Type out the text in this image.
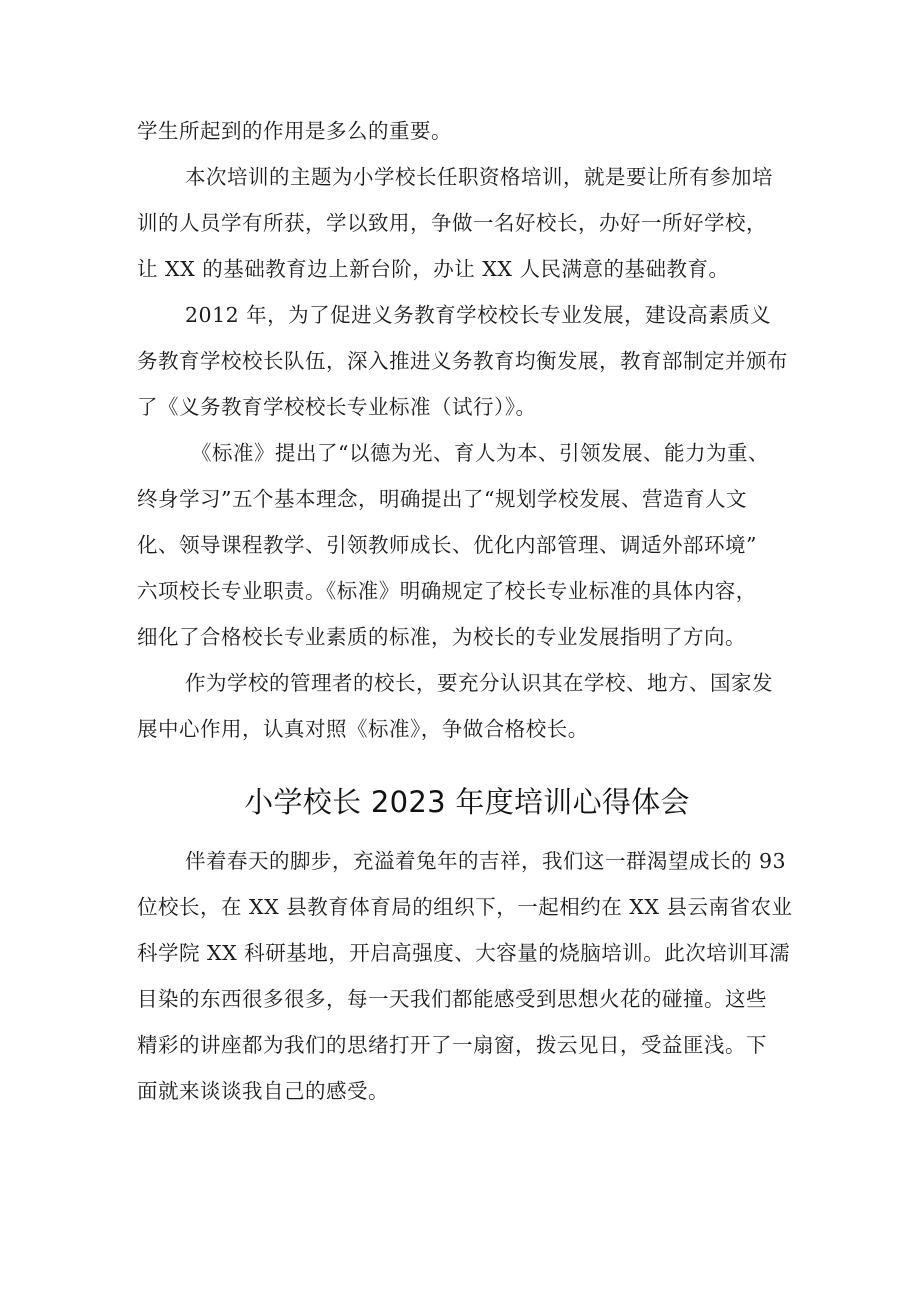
学生所起到的作用是多么的重要。
本次培训的主题为小学校长任职资格培训，就是要让所有参加培
训的人员学有所获，学以致用，争做一名好校长，办好一所好学校，
让 XX 的基础教育边上新台阶，办让 XX 人民满意的基础教育。
2012 年，为了促进义务教育学校校长专业发展，建设高素质义
务教育学校校长队伍，深入推进义务教育均衡发展，教育部制定并颁布
了《义务教育学校校长专业标准（试行）》。
《标准》提出了“以德为光、育人为本、引领发展、能力为重、
终身学习”五个基本理念，明确提出了“规划学校发展、营造育人文
化、领导课程教学、引领教师成长、优化内部管理、调适外部环境”
六项校长专业职责。《标准》明确规定了校长专业标准的具体内容，
细化了合格校长专业素质的标准，为校长的专业发展指明了方向。
作为学校的管理者的校长，要充分认识其在学校、地方、国家发
展中心作用，认真对照《标准》，争做合格校长。
小学校长 2023 年度培训心得体会
伴着春天的脚步，充溢着兔年的吉祥，我们这一群渴望成长的 93
位校长，在 XX 县教育体育局的组织下，一起相约在 XX 县云南省农业
科学院 XX 科研基地，开启高强度、大容量的烧脑培训。此次培训耳濡
目染的东西很多很多，每一天我们都能感受到思想火花的碰撞。这些
精彩的讲座都为我们的思绪打开了一扇窗，拨云见日，受益匪浅。下
面就来谈谈我自己的感受。
